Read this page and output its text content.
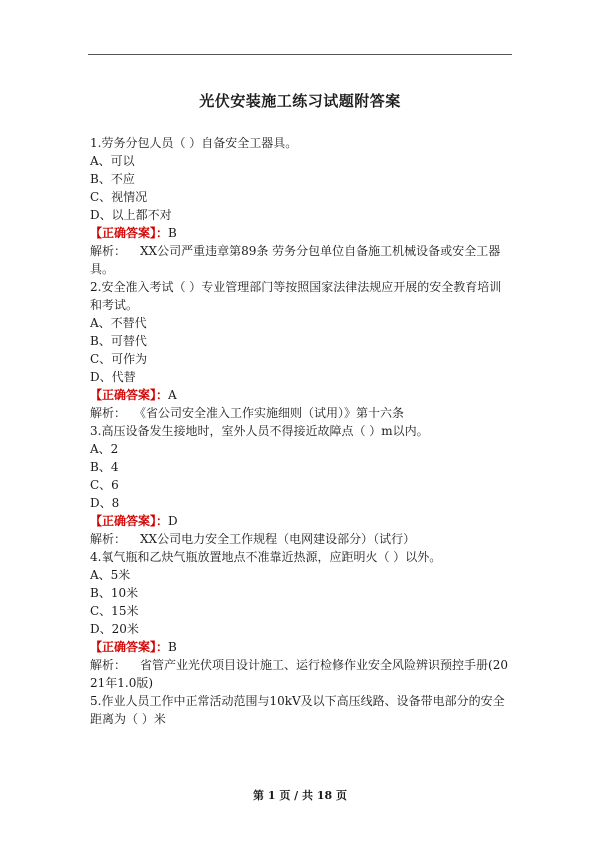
光伏安装施工练习试题附答案

1.劳务分包人员（ ）自备安全工器具。

A、可以

B、不应

C、视情况

D、以上都不对

【正确答案】：B

解析： XX公司严重违章第89条 劳务分包单位自备施工机械设备或安全工器具。

2.安全准入考试（ ）专业管理部门等按照国家法律法规应开展的安全教育培训和考试。

A、不替代

B、可替代

C、可作为

D、代替

【正确答案】：A

解析： 《省公司安全准入工作实施细则（试用）》第十六条

3.高压设备发生接地时，室外人员不得接近故障点（ ）m以内。

A、2

B、4

C、6

D、8

【正确答案】：D

解析： XX公司电力安全工作规程（电网建设部分）（试行）

4.氧气瓶和乙炔气瓶放置地点不准靠近热源，应距明火（ ）以外。

A、5米

B、10米

C、15米

D、20米

【正确答案】：B

解析： 省管产业光伏项目设计施工、运行检修作业安全风险辨识预控手册(2021年1.0版)

5.作业人员工作中正常活动范围与10kV及以下高压线路、设备带电部分的安全距离为（ ）米

第 1 页 / 共 18 页
